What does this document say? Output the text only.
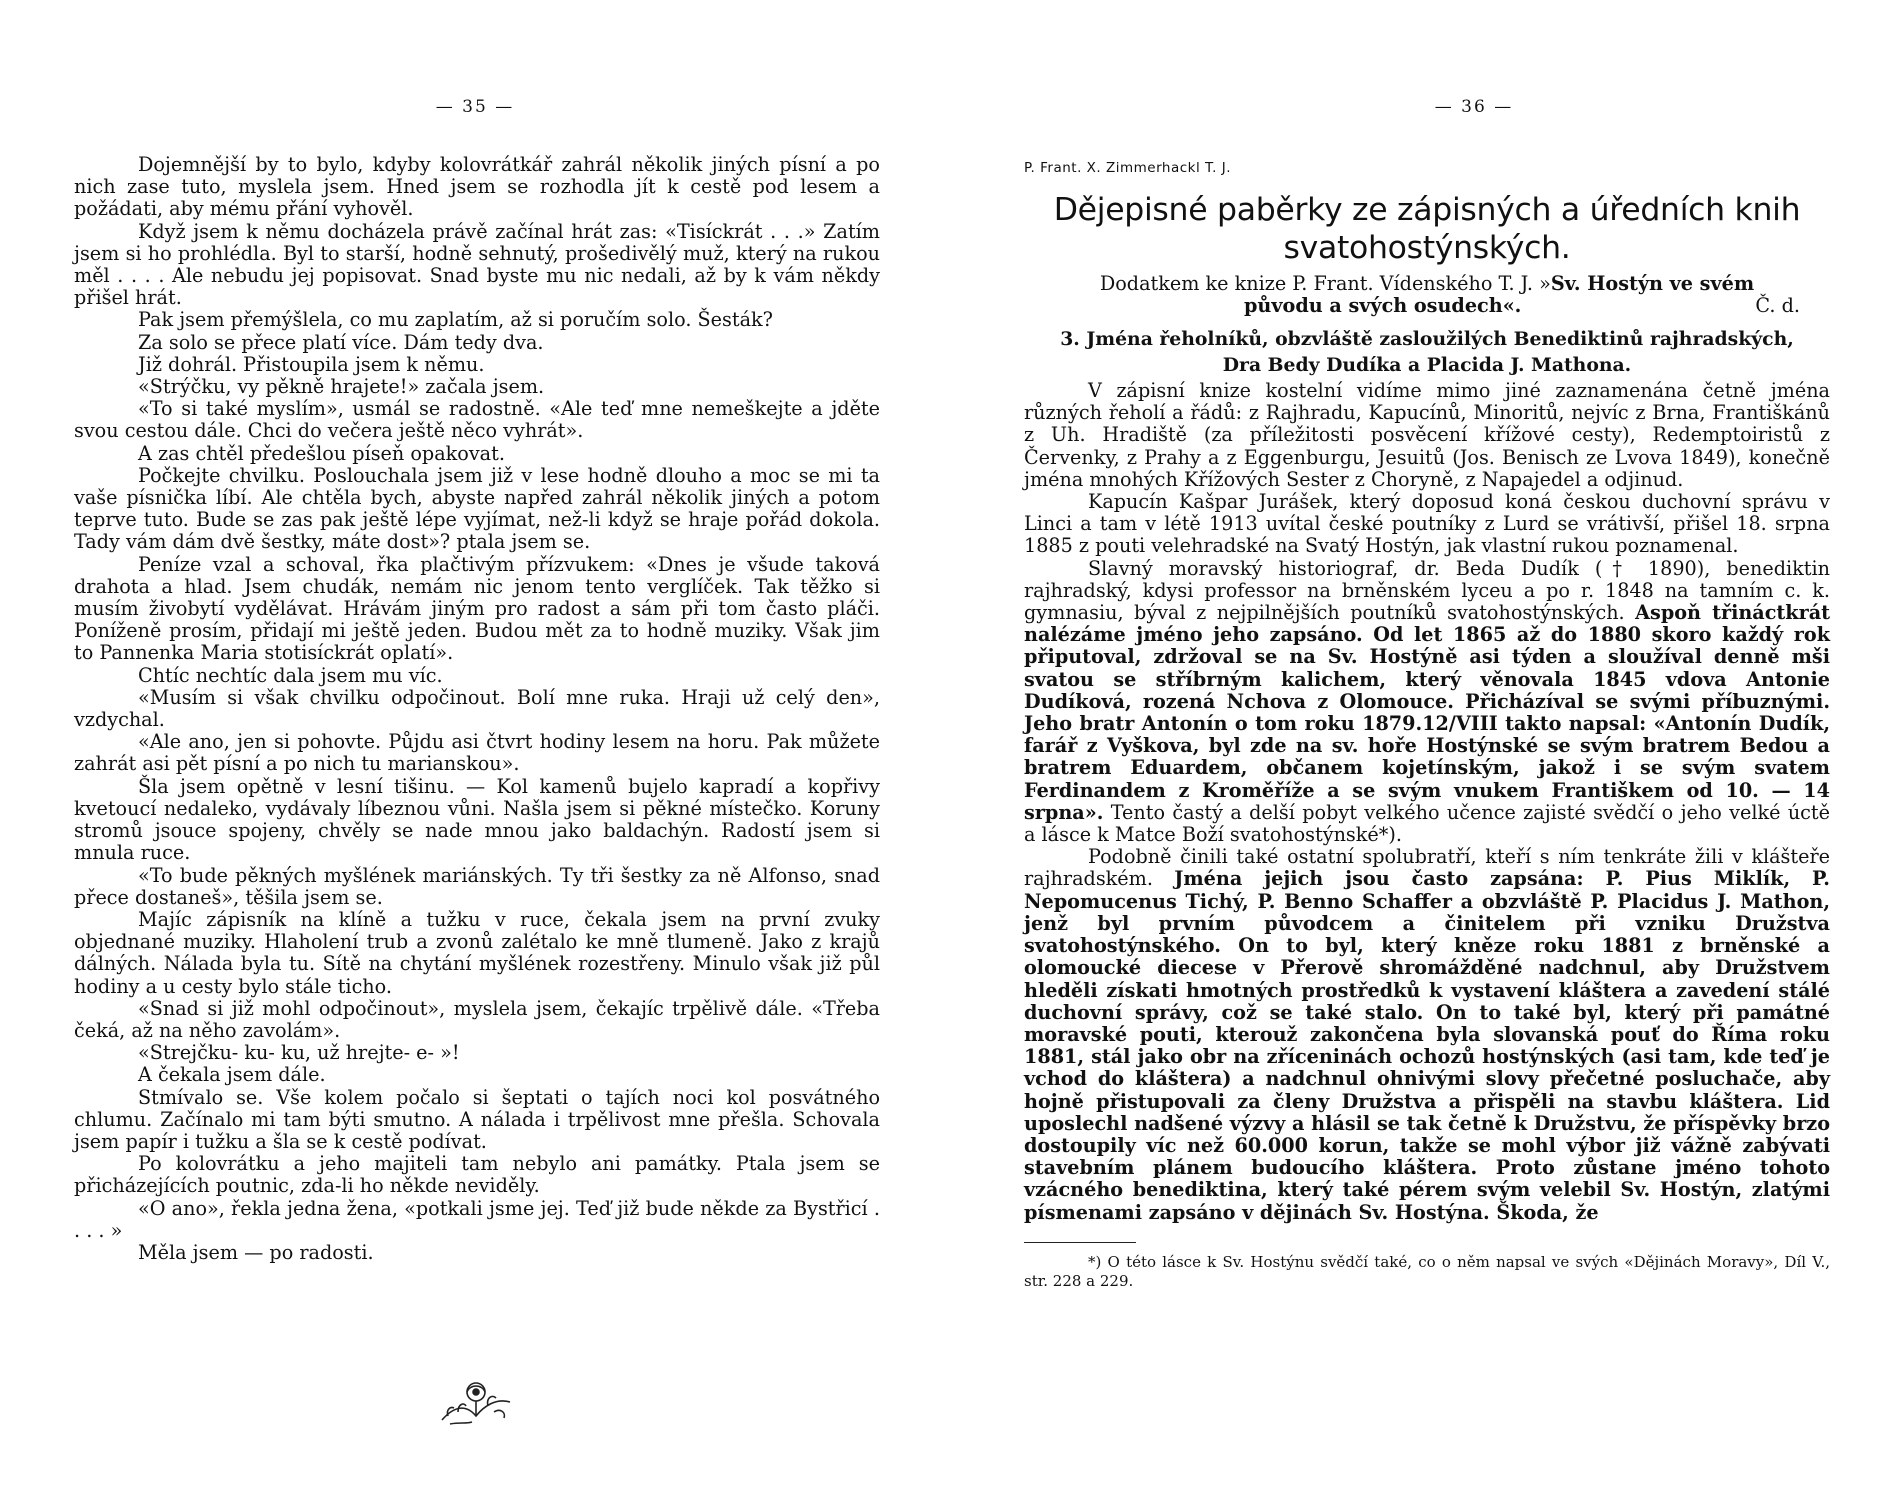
— 35 —

Dojemnější by to bylo, kdyby kolovrátkář zahrál několik jiných písní a po nich zase tuto, myslela jsem. Hned jsem se rozhodla jít k cestě pod lesem a požádati, aby mému přání vyhověl.

Když jsem k němu docházela právě začínal hrát zas: «Tisíckrát . . .» Zatím jsem si ho prohlédla. Byl to starší, hodně sehnutý, prošedivělý muž, který na rukou měl . . . . Ale nebudu jej popisovat. Snad byste mu nic nedali, až by k vám někdy přišel hrát.

Pak jsem přemýšlela, co mu zaplatím, až si poručím solo. Šesták?

Za solo se přece platí více. Dám tedy dva.

Již dohrál. Přistoupila jsem k němu.

«Strýčku, vy pěkně hrajete!» začala jsem.

«To si také myslím», usmál se radostně. «Ale teď mne nemeškejte a jděte svou cestou dále. Chci do večera ještě něco vyhrát».

A zas chtěl předešlou píseň opakovat.

Počkejte chvilku. Poslouchala jsem již v lese hodně dlouho a moc se mi ta vaše písnička líbí. Ale chtěla bych, abyste napřed zahrál několik jiných a potom teprve tuto. Bude se zas pak ještě lépe vyjímat, než-li když se hraje pořád dokola. Tady vám dám dvě šestky, máte dost»? ptala jsem se.

Peníze vzal a schoval, řka plačtivým přízvukem: «Dnes je všude taková drahota a hlad. Jsem chudák, nemám nic jenom tento verglíček. Tak těžko si musím živobytí vydělávat. Hrávám jiným pro radost a sám při tom často pláči. Poníženě prosím, přidají mi ještě jeden. Budou mět za to hodně muziky. Však jim to Pannenka Maria stotisíckrát oplatí».

Chtíc nechtíc dala jsem mu víc.

«Musím si však chvilku odpočinout. Bolí mne ruka. Hraji už celý den», vzdychal.

«Ale ano, jen si pohovte. Půjdu asi čtvrt hodiny lesem na horu. Pak můžete zahrát asi pět písní a po nich tu marianskou».

Šla jsem opětně v lesní tišinu. — Kol kamenů bujelo kapradí a kopřivy kvetoucí nedaleko, vydávaly líbeznou vůni. Našla jsem si pěkné místečko. Koruny stromů jsouce spojeny, chvěly se nade mnou jako baldachýn. Radostí jsem si mnula ruce.

«To bude pěkných myšlének mariánských. Ty tři šestky za ně Alfonso, snad přece dostaneš», těšila jsem se.

Majíc zápisník na klíně a tužku v ruce, čekala jsem na první zvuky objednané muziky. Hlaholení trub a zvonů zalétalo ke mně tlumeně. Jako z krajů dálných. Nálada byla tu. Sítě na chytání myšlének rozestřeny. Minulo však již půl hodiny a u cesty bylo stále ticho.

«Snad si již mohl odpočinout», myslela jsem, čekajíc trpělivě dále. «Třeba čeká, až na něho zavolám».

«Strejčku- ku- ku, už hrejte- e- »!

A čekala jsem dále.

Stmívalo se. Vše kolem počalo si šeptati o tajích noci kol posvátného chlumu. Začínalo mi tam býti smutno. A nálada i trpělivost mne přešla. Schovala jsem papír i tužku a šla se k cestě podívat.

Po kolovrátku a jeho majiteli tam nebylo ani památky. Ptala jsem se přicházejících poutnic, zda-li ho někde neviděly.

«O ano», řekla jedna žena, «potkali jsme jej. Teď již bude někde za Bystřicí . . . . »

Měla jsem — po radosti.

— 36 —
P. Frant. X. Zimmerhackl T. J.
Dějepisné paběrky ze zápisných a úředních knih svatohostýnských.
Dodatkem ke knize P. Frant. Vídenského T. J. »Sv. Hostýn ve svém
původu a svých osudech«.	Č. d.
3. Jména řeholníků, obzvláště zasloužilých Benediktinů rajhradských,
Dra Bedy Dudíka a Placida J. Mathona.

V zápisní knize kostelní vidíme mimo jiné zaznamenána četně jména různých řeholí a řádů: z Rajhradu, Kapucínů, Minoritů, nejvíc z Brna, Františkánů z Uh. Hradiště (za příležitosti posvěcení křížové cesty), Redemptoiristů z Červenky, z Prahy a z Eggenburgu, Jesuitů (Jos. Benisch ze Lvova 1849), konečně jména mnohých Křížových Sester z Choryně, z Napajedel a odjinud.

Kapucín Kašpar Jurášek, který doposud koná českou duchovní správu v Linci a tam v létě 1913 uvítal české poutníky z Lurd se vrátivší, přišel 18. srpna 1885 z pouti velehradské na Svatý Hostýn, jak vlastní rukou poznamenal.

Slavný moravský historiograf, dr. Beda Dudík († 1890), benediktin rajhradský, kdysi professor na brněnském lyceu a po r. 1848 na tamním c. k. gymnasiu, býval z nejpilnějších poutníků svatohostýnských. Aspoň třináctkrát nalézáme jméno jeho zapsáno. Od let 1865 až do 1880 skoro každý rok připutoval, zdržoval se na Sv. Hostýně asi týden a sloužíval denně mši svatou se stříbrným kalichem, který věnovala 1845 vdova Antonie Dudíková, rozená Nchova z Olomouce. Přicházíval se svými příbuznými. Jeho bratr Antonín o tom roku 1879.12/VIII takto napsal: «Antonín Dudík, farář z Vyškova, byl zde na sv. hoře Hostýnské se svým bratrem Bedou a bratrem Eduardem, občanem kojetínským, jakož i se svým svatem Ferdinandem z Kroměříže a se svým vnukem Františkem od 10. — 14 srpna». Tento častý a delší pobyt velkého učence zajisté svědčí o jeho velké úctě a lásce k Matce Boží svatohostýnské*).

Podobně činili také ostatní spolubratří, kteří s ním tenkráte žili v klášteře rajhradském. Jména jejich jsou často zapsána: P. Pius Miklík, P. Nepomucenus Tichý, P. Benno Schaffer a obzvláště P. Placidus J. Mathon, jenž byl prvním původcem a činitelem při vzniku Družstva svatohostýnského. On to byl, který kněze roku 1881 z brněnské a olomoucké diecese v Přerově shromážděné nadchnul, aby Družstvem hleděli získati hmotných prostředků k vystavení kláštera a zavedení stálé duchovní správy, což se také stalo. On to také byl, který při památné moravské pouti, kterouž zakončena byla slovanská pouť do Říma roku 1881, stál jako obr na zříceninách ochozů hostýnských (asi tam, kde teď je vchod do kláštera) a nadchnul ohnivými slovy přečetné posluchače, aby hojně přistupovali za členy Družstva a přispěli na stavbu kláštera. Lid uposlechl nadšené výzvy a hlásil se tak četně k Družstvu, že příspěvky brzo dostoupily víc než 60.000 korun, takže se mohl výbor již vážně zabývati stavebním plánem budoucího kláštera. Proto zůstane jméno tohoto vzácného benediktina, který také pérem svým velebil Sv. Hostýn, zlatými písmenami zapsáno v dějinách Sv. Hostýna. Škoda, že

*) O této lásce k Sv. Hostýnu svědčí také, co o něm napsal ve svých «Dějinách Moravy», Díl V., str. 228 a 229.
